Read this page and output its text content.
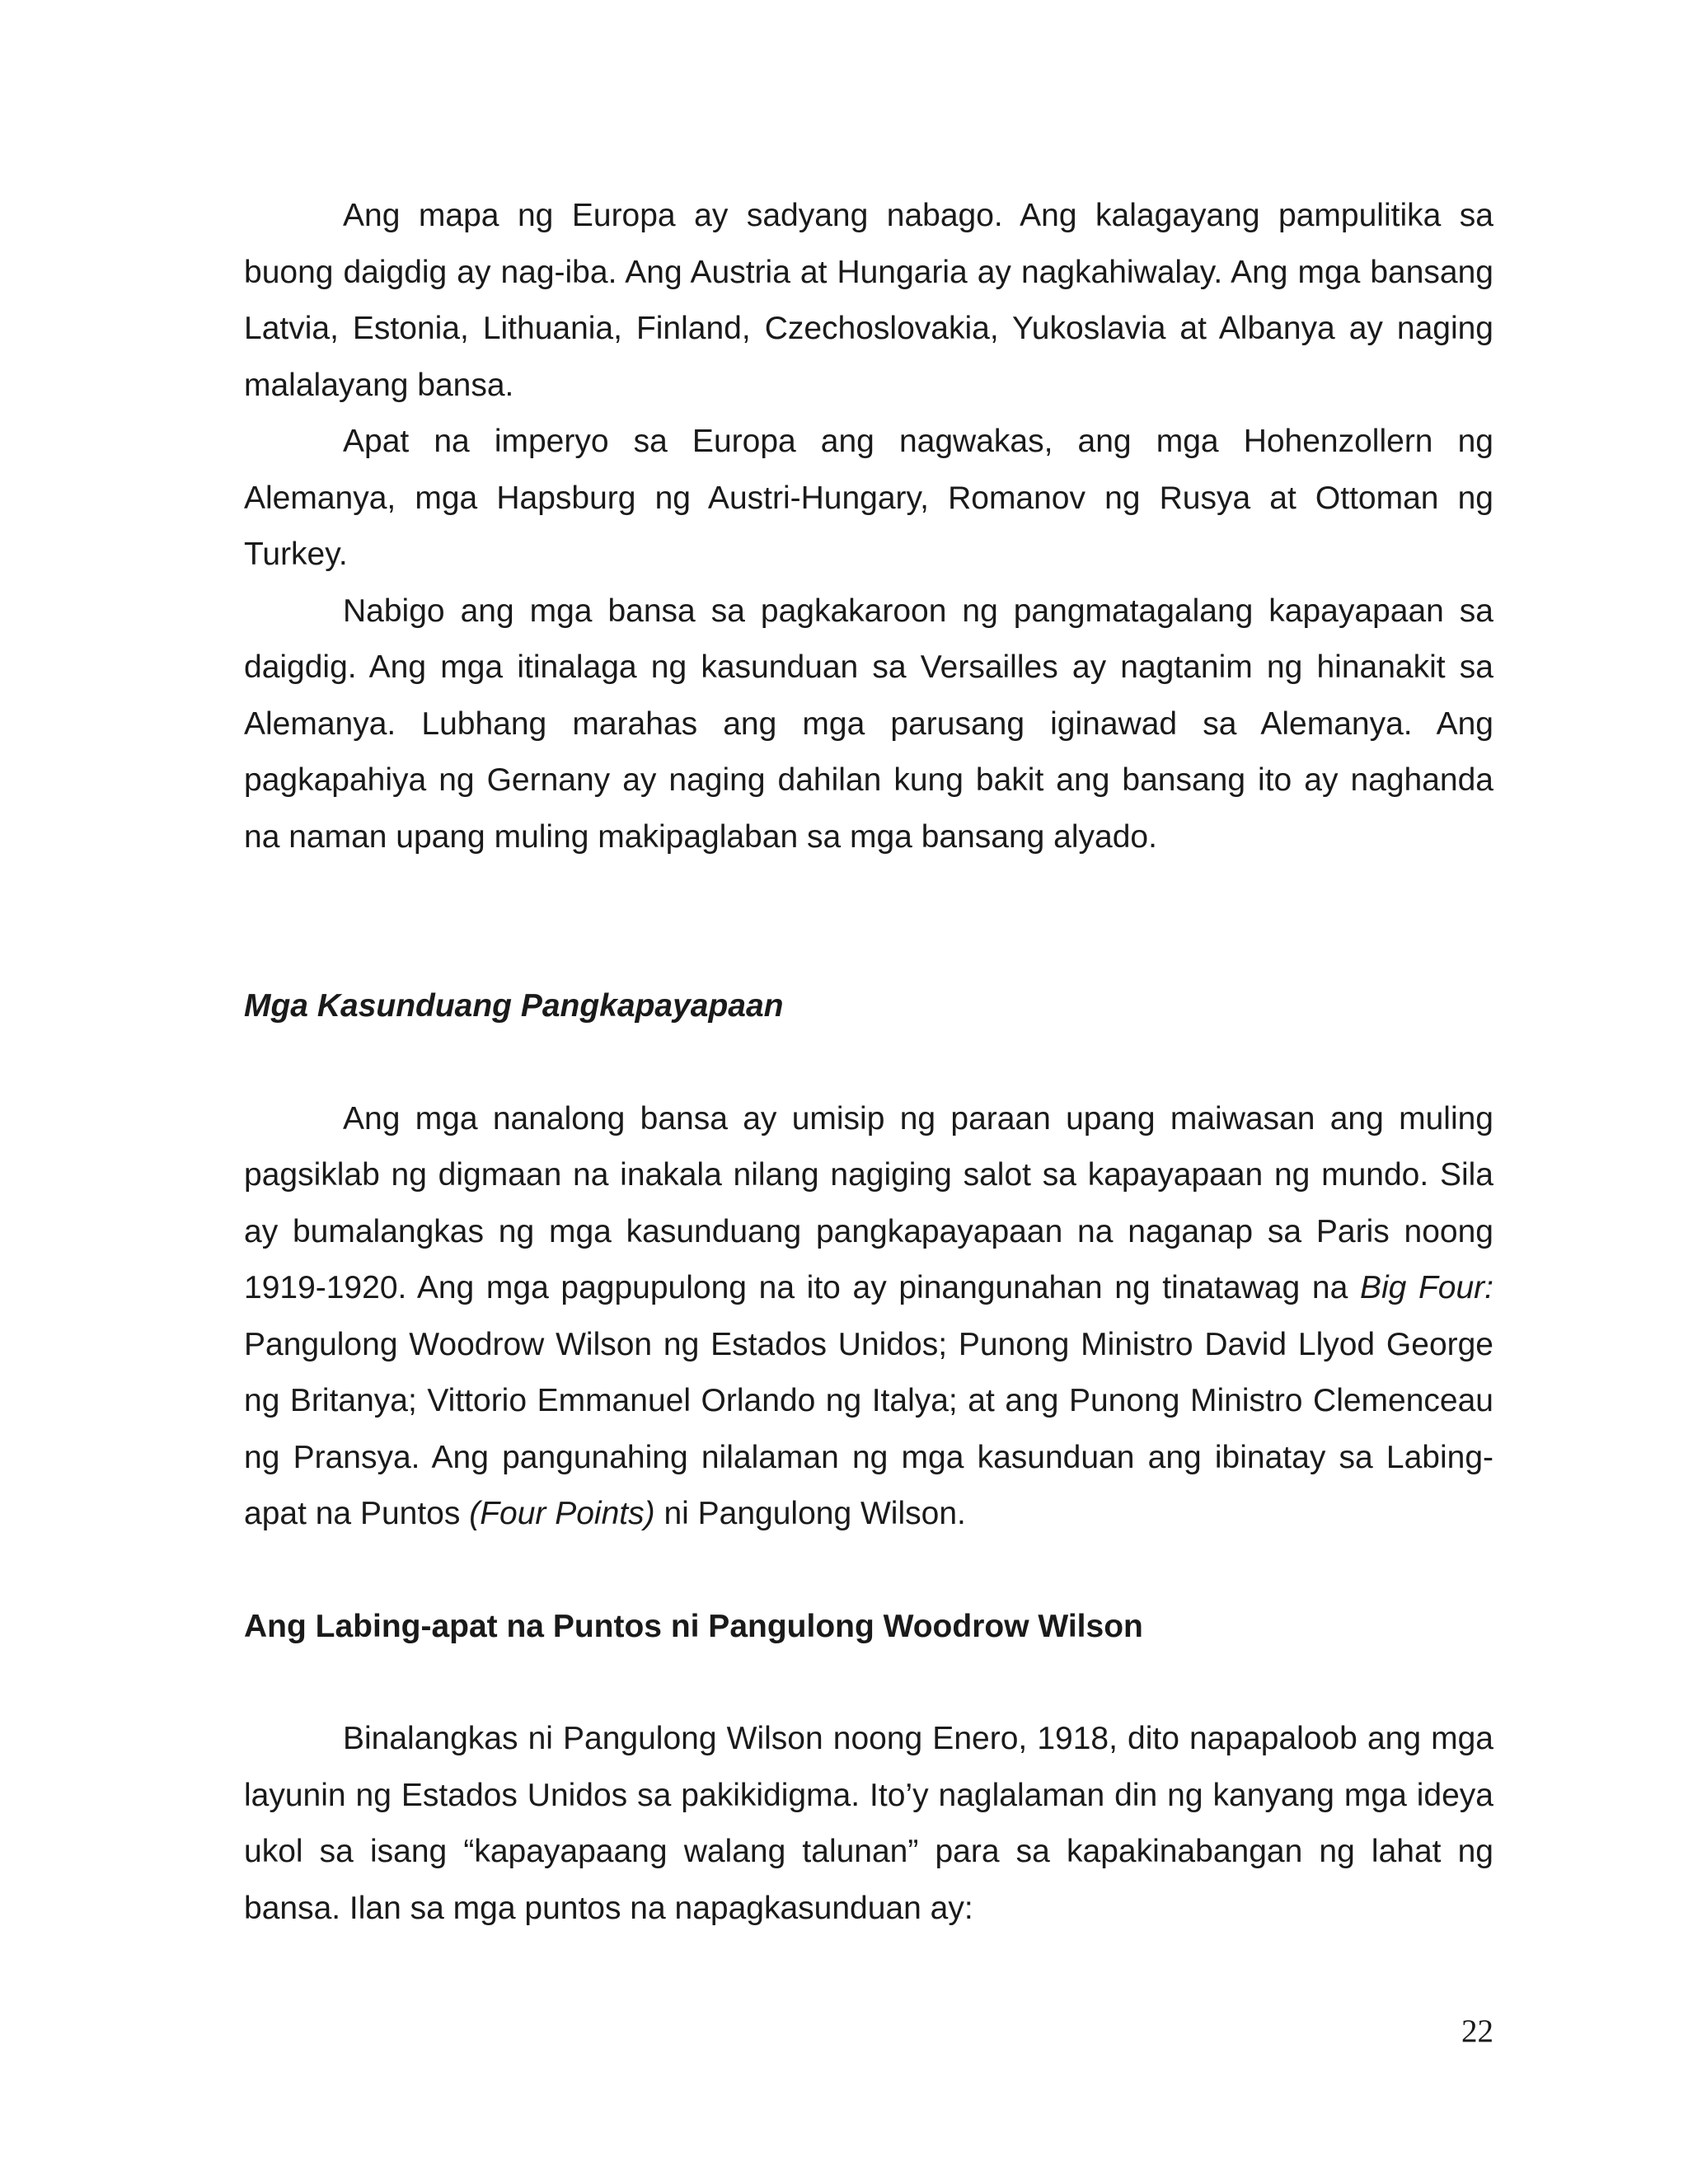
Ang mapa ng Europa ay sadyang nabago. Ang kalagayang pampulitika sa buong daigdig ay nag-iba. Ang Austria at Hungaria ay nagkahiwalay. Ang mga bansang Latvia, Estonia, Lithuania, Finland, Czechoslovakia, Yukoslavia at Albanya ay naging malalayang bansa.

Apat na imperyo sa Europa ang nagwakas, ang mga Hohenzollern ng Alemanya, mga Hapsburg ng Austri-Hungary, Romanov ng Rusya at Ottoman ng Turkey.

Nabigo ang mga bansa sa pagkakaroon ng pangmatagalang kapayapaan sa daigdig. Ang mga itinalaga ng kasunduan sa Versailles ay nagtanim ng hinanakit sa Alemanya. Lubhang marahas ang mga parusang iginawad sa Alemanya. Ang pagkapahiya ng Gernany ay naging dahilan kung bakit ang bansang ito ay naghanda na naman upang muling makipaglaban sa mga bansang alyado.

Mga Kasunduang Pangkapayapaan

Ang mga nanalong bansa ay umisip ng paraan upang maiwasan ang muling pagsiklab ng digmaan na inakala nilang nagiging salot sa kapayapaan ng mundo. Sila ay bumalangkas ng mga kasunduang pangkapayapaan na naganap sa Paris noong 1919-1920. Ang mga pagpupulong na ito ay pinangunahan ng tinatawag na Big Four: Pangulong Woodrow Wilson ng Estados Unidos; Punong Ministro David Llyod George ng Britanya; Vittorio Emmanuel Orlando ng Italya; at ang Punong Ministro Clemenceau ng Pransya. Ang pangunahing nilalaman ng mga kasunduan ang ibinatay sa Labing-apat na Puntos (Four Points) ni Pangulong Wilson.

Ang Labing-apat na Puntos ni Pangulong Woodrow Wilson

Binalangkas ni Pangulong Wilson noong Enero, 1918, dito napapaloob ang mga layunin ng Estados Unidos sa pakikidigma. Ito’y naglalaman din ng kanyang mga ideya ukol sa isang “kapayapaang walang talunan” para sa kapakinabangan ng lahat ng bansa. Ilan sa mga puntos na napagkasunduan ay:

22
